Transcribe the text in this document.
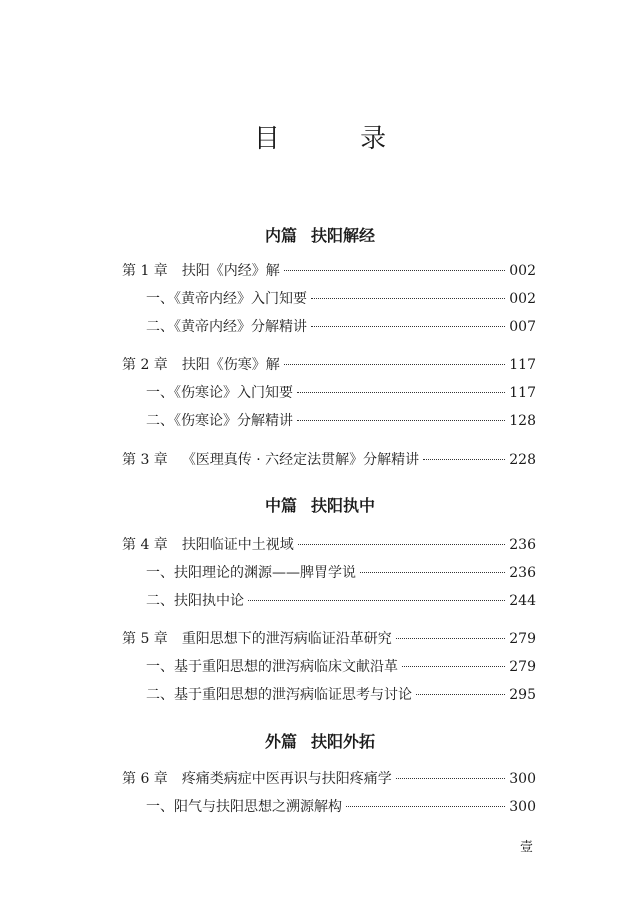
目 录
内篇 扶阳解经
第 1 章 扶阳《内经》解	002
一、《黄帝内经》入门知要	002
二、《黄帝内经》分解精讲	007
第 2 章 扶阳《伤寒》解	117
一、《伤寒论》入门知要	117
二、《伤寒论》分解精讲	128
第 3 章 《医理真传 · 六经定法贯解》分解精讲	228
中篇 扶阳执中
第 4 章 扶阳临证中土视域	236
一、扶阳理论的渊源——脾胃学说	236
二、扶阳执中论	244
第 5 章 重阳思想下的泄泻病临证沿革研究	279
一、基于重阳思想的泄泻病临床文献沿革	279
二、基于重阳思想的泄泻病临证思考与讨论	295
外篇 扶阳外拓
第 6 章 疼痛类病症中医再识与扶阳疼痛学	300
一、阳气与扶阳思想之溯源解构	300
壹
